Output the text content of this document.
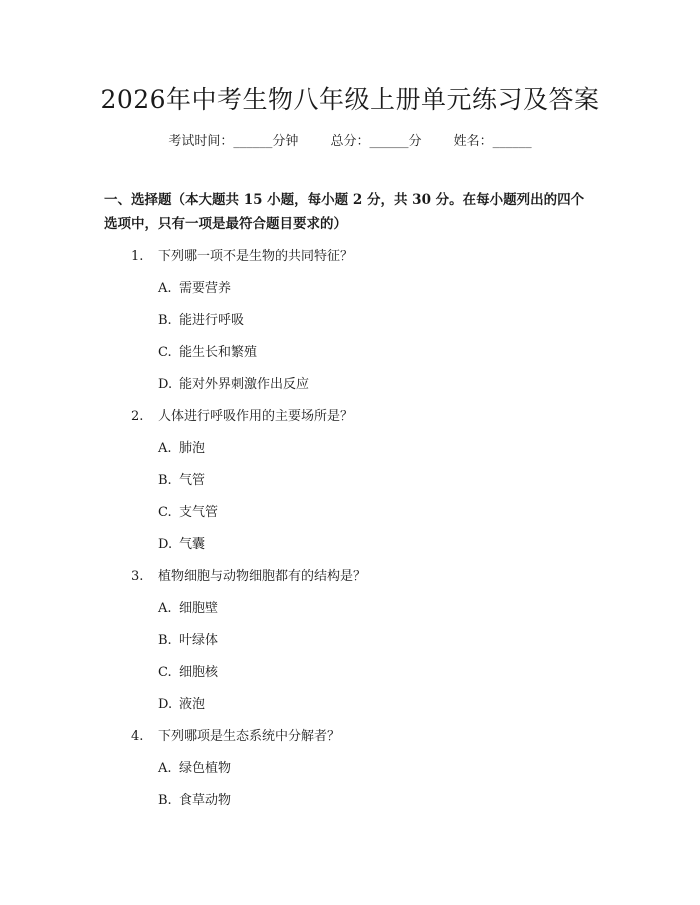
2026年中考生物八年级上册单元练习及答案
考试时间：______分钟 总分：______分 姓名：______
一、选择题（本大题共 15 小题，每小题 2 分，共 30 分。在每小题列出的四个选项中，只有一项是最符合题目要求的）
1. 下列哪一项不是生物的共同特征？
A. 需要营养
B. 能进行呼吸
C. 能生长和繁殖
D. 能对外界刺激作出反应
2. 人体进行呼吸作用的主要场所是？
A. 肺泡
B. 气管
C. 支气管
D. 气囊
3. 植物细胞与动物细胞都有的结构是？
A. 细胞壁
B. 叶绿体
C. 细胞核
D. 液泡
4. 下列哪项是生态系统中分解者？
A. 绿色植物
B. 食草动物
